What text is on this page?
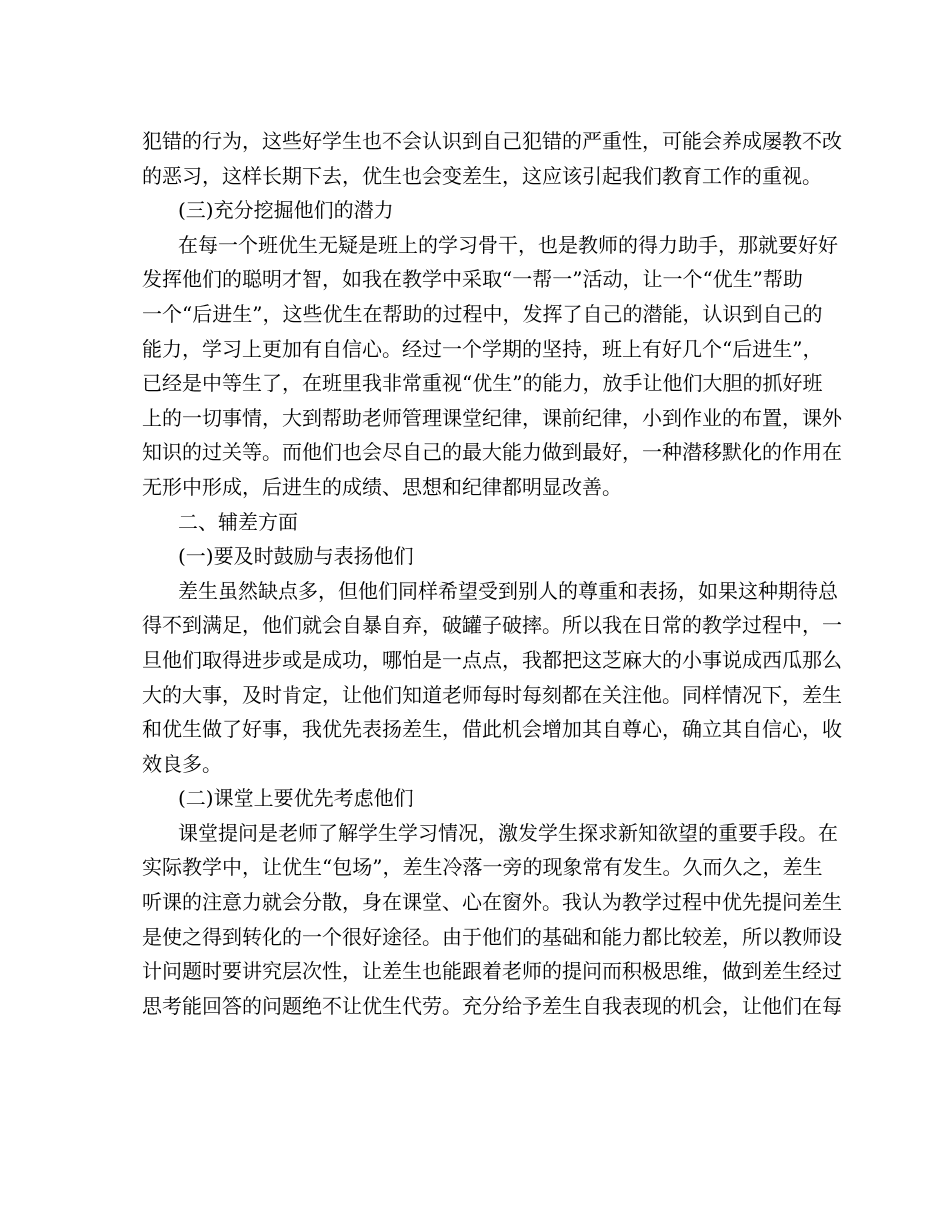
犯错的行为，这些好学生也不会认识到自己犯错的严重性，可能会养成屡教不改
的恶习，这样长期下去，优生也会变差生，这应该引起我们教育工作的重视。
(三)充分挖掘他们的潜力
在每一个班优生无疑是班上的学习骨干，也是教师的得力助手，那就要好好
发挥他们的聪明才智，如我在教学中采取“一帮一”活动，让一个“优生”帮助
一个“后进生”，这些优生在帮助的过程中，发挥了自己的潜能，认识到自己的
能力，学习上更加有自信心。经过一个学期的坚持，班上有好几个“后进生”，
已经是中等生了，在班里我非常重视“优生”的能力，放手让他们大胆的抓好班
上的一切事情，大到帮助老师管理课堂纪律，课前纪律，小到作业的布置，课外
知识的过关等。而他们也会尽自己的最大能力做到最好，一种潜移默化的作用在
无形中形成，后进生的成绩、思想和纪律都明显改善。
二、辅差方面
(一)要及时鼓励与表扬他们
差生虽然缺点多，但他们同样希望受到别人的尊重和表扬，如果这种期待总
得不到满足，他们就会自暴自弃，破罐子破摔。所以我在日常的教学过程中，一
旦他们取得进步或是成功，哪怕是一点点，我都把这芝麻大的小事说成西瓜那么
大的大事，及时肯定，让他们知道老师每时每刻都在关注他。同样情况下，差生
和优生做了好事，我优先表扬差生，借此机会增加其自尊心，确立其自信心，收
效良多。
(二)课堂上要优先考虑他们
课堂提问是老师了解学生学习情况，激发学生探求新知欲望的重要手段。在
实际教学中，让优生“包场”，差生冷落一旁的现象常有发生。久而久之，差生
听课的注意力就会分散，身在课堂、心在窗外。我认为教学过程中优先提问差生
是使之得到转化的一个很好途径。由于他们的基础和能力都比较差，所以教师设
计问题时要讲究层次性，让差生也能跟着老师的提问而积极思维，做到差生经过
思考能回答的问题绝不让优生代劳。充分给予差生自我表现的机会，让他们在每
